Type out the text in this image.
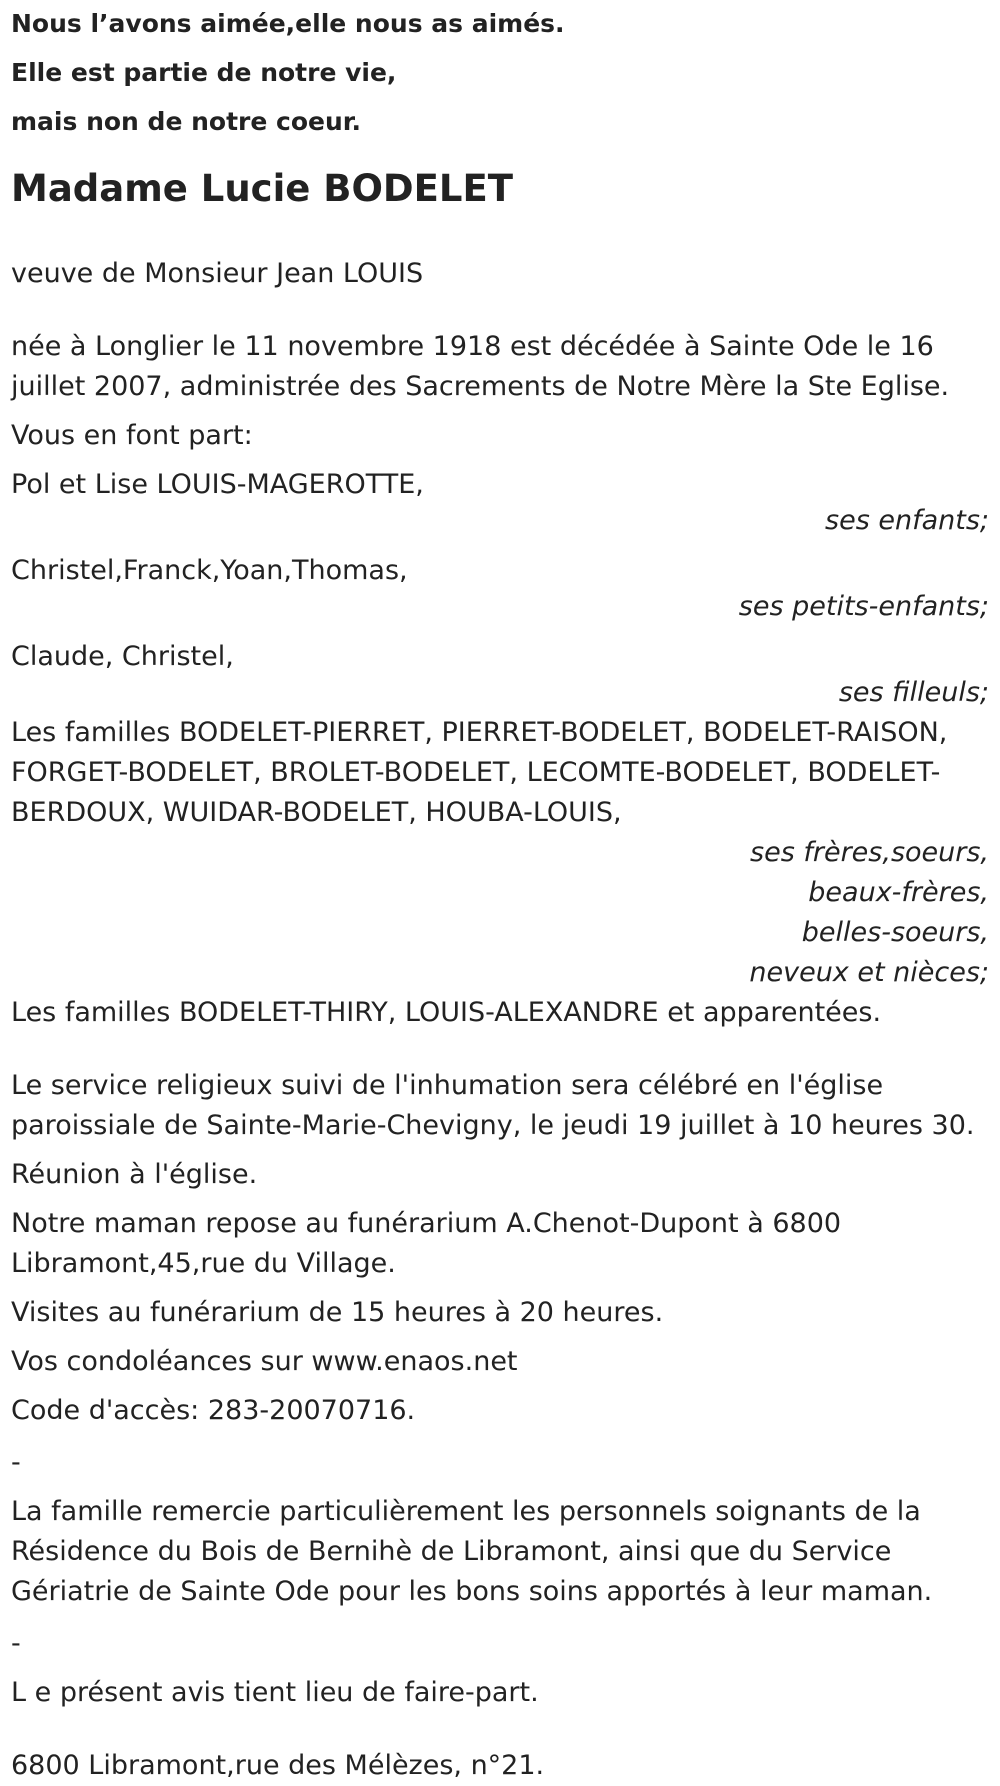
Nous l’avons aimée,elle nous as aimés.

Elle est partie de notre vie,

mais non de notre coeur.

Madame Lucie BODELET

veuve de Monsieur Jean LOUIS

née à Longlier le 11 novembre 1918 est décédée à Sainte Ode le 16 juillet 2007, administrée des Sacrements de Notre Mère la Ste Eglise.

Vous en font part:

Pol et Lise LOUIS-MAGEROTTE,

ses enfants;

Christel,Franck,Yoan,Thomas,

ses petits-enfants;

Claude, Christel,

ses filleuls;

Les familles BODELET-PIERRET, PIERRET-BODELET, BODELET-RAISON, FORGET-BODELET, BROLET-BODELET, LECOMTE-BODELET, BODELET-BERDOUX, WUIDAR-BODELET, HOUBA-LOUIS,

ses frères,soeurs, beaux-frères, belles-soeurs, neveux et nièces;

Les familles BODELET-THIRY, LOUIS-ALEXANDRE et apparentées.

Le service religieux suivi de l'inhumation sera célébré en l'église paroissiale de Sainte-Marie-Chevigny, le jeudi 19 juillet à 10 heures 30.

Réunion à l'église.

Notre maman repose au funérarium A.Chenot-Dupont à 6800 Libramont,45,rue du Village.

Visites au funérarium de 15 heures à 20 heures.

Vos condoléances sur www.enaos.net

Code d'accès: 283-20070716.

-

La famille remercie particulièrement les personnels soignants de la Résidence du Bois de Bernihè de Libramont, ainsi que du Service Gériatrie de Sainte Ode pour les bons soins apportés à leur maman.

-

L e présent avis tient lieu de faire-part.

6800 Libramont,rue des Mélèzes, n°21.
